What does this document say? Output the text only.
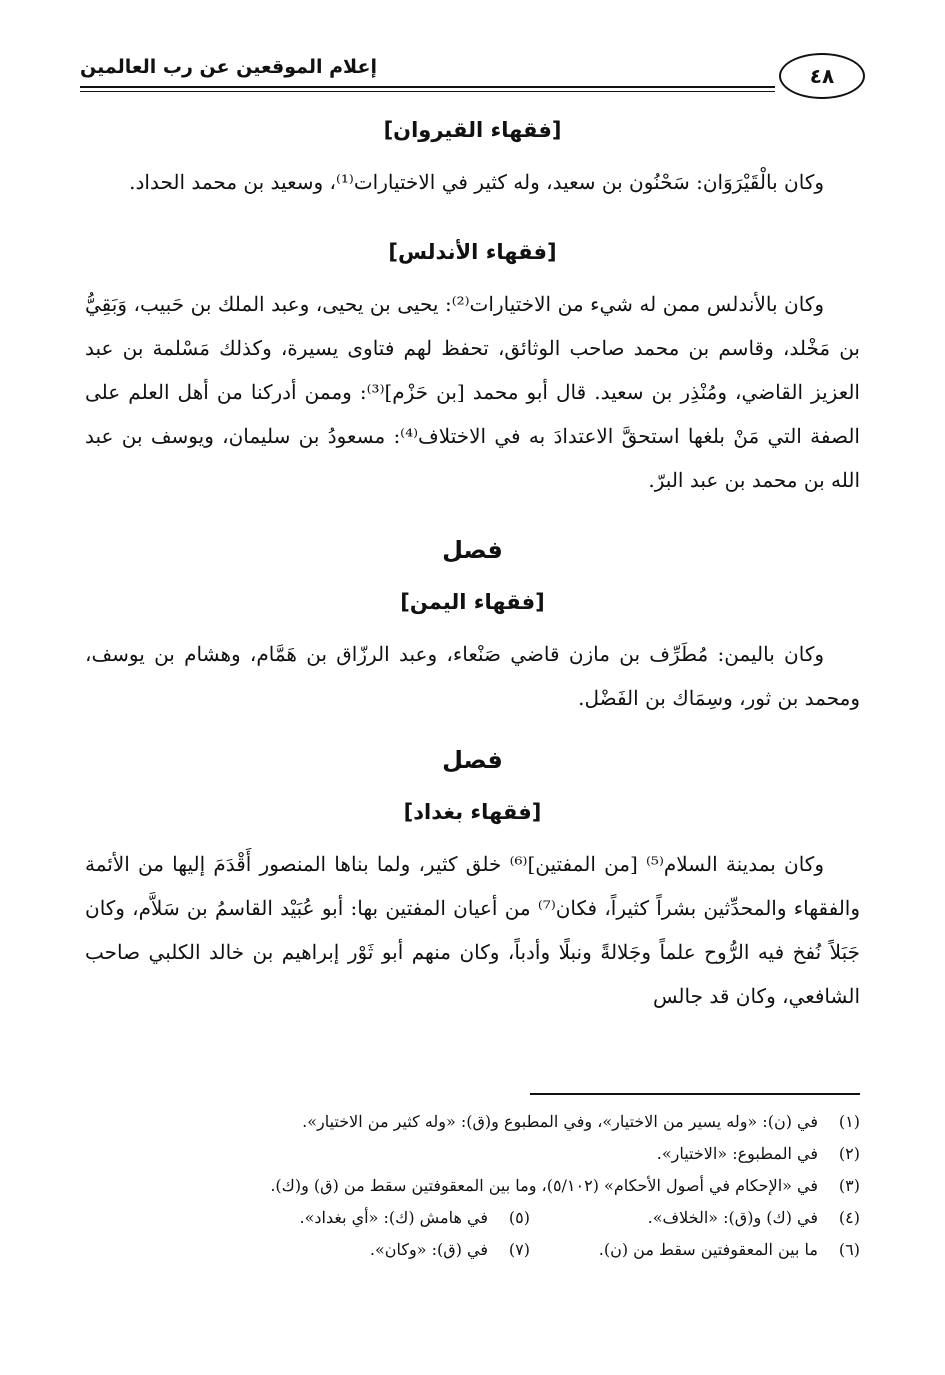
إعلام الموقعين عن رب العالمين	٤٨

[فقهاء القيروان]

وكان بالْقَيْرَوَان: سَحْنُون بن سعيد، وله كثير في الاختيارات⁽¹⁾، وسعيد بن محمد الحداد.

[فقهاء الأندلس]

وكان بالأندلس ممن له شيء من الاختيارات⁽²⁾: يحيى بن يحيى، وعبد الملك بن حَبيب، وَبَقِيُّ بن مَخْلد، وقاسم بن محمد صاحب الوثائق، تحفظ لهم فتاوى يسيرة، وكذلك مَسْلمة بن عبد العزيز القاضي، ومُنْذِر بن سعيد. قال أبو محمد [بن حَزْم]⁽³⁾: وممن أدركنا من أهل العلم على الصفة التي مَنْ بلغها استحقَّ الاعتدادَ به في الاختلاف⁽⁴⁾: مسعودُ بن سليمان، ويوسف بن عبد الله بن محمد بن عبد البرّ.

فصل

[فقهاء اليمن]

وكان باليمن: مُطَرِّف بن مازن قاضي صَنْعاء، وعبد الرزّاق بن هَمَّام، وهشام بن يوسف، ومحمد بن ثور، وسِمَاك بن الفَضْل.

فصل

[فقهاء بغداد]

وكان بمدينة السلام⁽⁵⁾ [من المفتين]⁽⁶⁾ خلق كثير، ولما بناها المنصور أَقْدَمَ إليها من الأئمة والفقهاء والمحدِّثين بشراً كثيراً، فكان⁽⁷⁾ من أعيان المفتين بها: أبو عُبَيْد القاسمُ بن سَلاَّم، وكان جَبَلاً نُفخ فيه الرُّوح علماً وجَلالةً ونبلًا وأدباً، وكان منهم أبو ثَوْر إبراهيم بن خالد الكلبي صاحب الشافعي، وكان قد جالس

(١)
في (ن): «وله يسير من الاختيار»، وفي المطبوع و(ق): «وله كثير من الاختيار».
(٢)
في المطبوع: «الاختيار».
(٣)
في «الإحكام في أصول الأحكام» (٥/١٠٢)، وما بين المعقوفتين سقط من (ق) و(ك).
(٤)
في (ك) و(ق): «الخلاف».
(٥)
في هامش (ك): «أي بغداد».
(٦)
ما بين المعقوفتين سقط من (ن).
(٧)
في (ق): «وكان».
